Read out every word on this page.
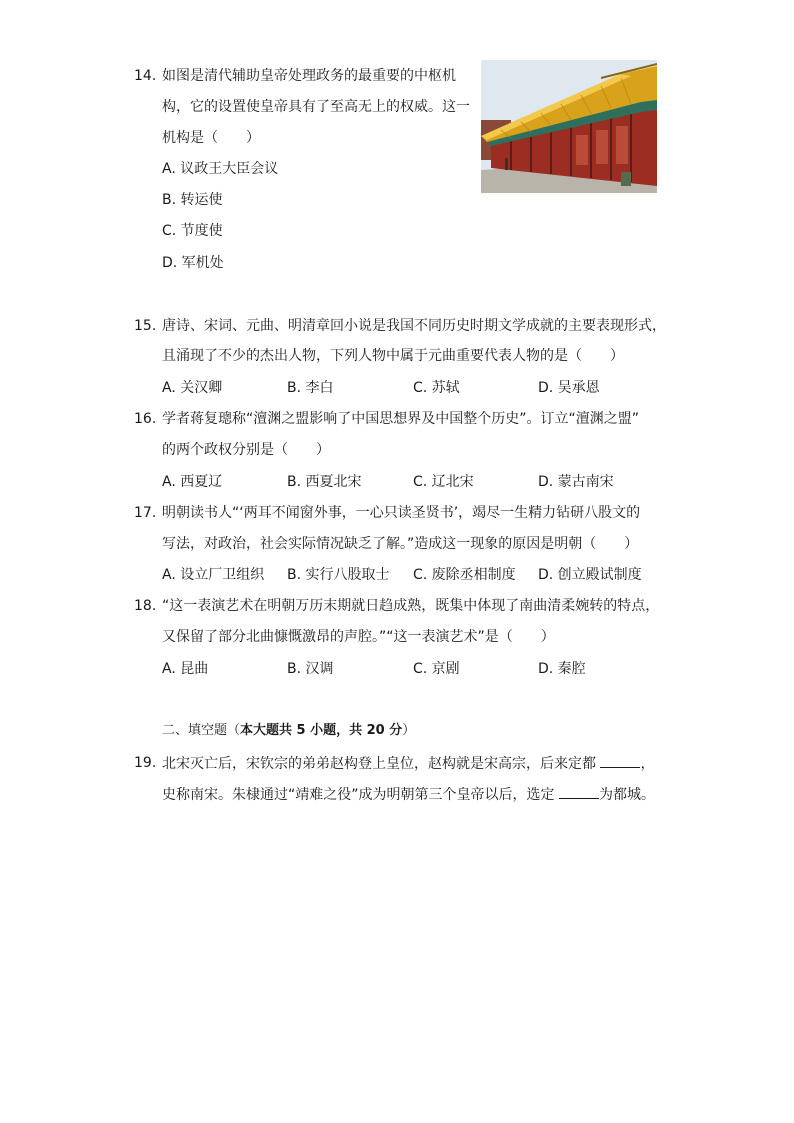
14. 如图是清代辅助皇帝处理政务的最重要的中枢机
构，它的设置使皇帝具有了至高无上的权威。这一
机构是（　　）
A. 议政王大臣会议
B. 转运使
C. 节度使
D. 军机处
15. 唐诗、宋词、元曲、明清章回小说是我国不同历史时期文学成就的主要表现形式，
且涌现了不少的杰出人物，下列人物中属于元曲重要代表人物的是（　　）
A. 关汉卿	B. 李白	C. 苏轼	D. 吴承恩
16. 学者蒋复璁称“澶渊之盟影响了中国思想界及中国整个历史”。订立“澶渊之盟”
的两个政权分别是（　　）
A. 西夏辽	B. 西夏北宋	C. 辽北宋	D. 蒙古南宋
17. 明朝读书人“‘两耳不闻窗外事，一心只读圣贤书’，竭尽一生精力钻研八股文的
写法，对政治，社会实际情况缺乏了解。”造成这一现象的原因是明朝（　　）
A. 设立厂卫组织 B. 实行八股取士 C. 废除丞相制度 D. 创立殿试制度
18. “这一表演艺术在明朝万历末期就日趋成熟，既集中体现了南曲清柔婉转的特点，
又保留了部分北曲慷慨激昂的声腔。”“这一表演艺术”是（　　）
A. 昆曲	B. 汉调	C. 京剧	D. 秦腔
二、填空题（本大题共 5 小题，共 20 分）
19. 北宋灭亡后，宋钦宗的弟弟赵构登上皇位，赵构就是宋高宗，后来定都	，
史称南宋。朱棣通过“靖难之役”成为明朝第三个皇帝以后，选定	为都城。
